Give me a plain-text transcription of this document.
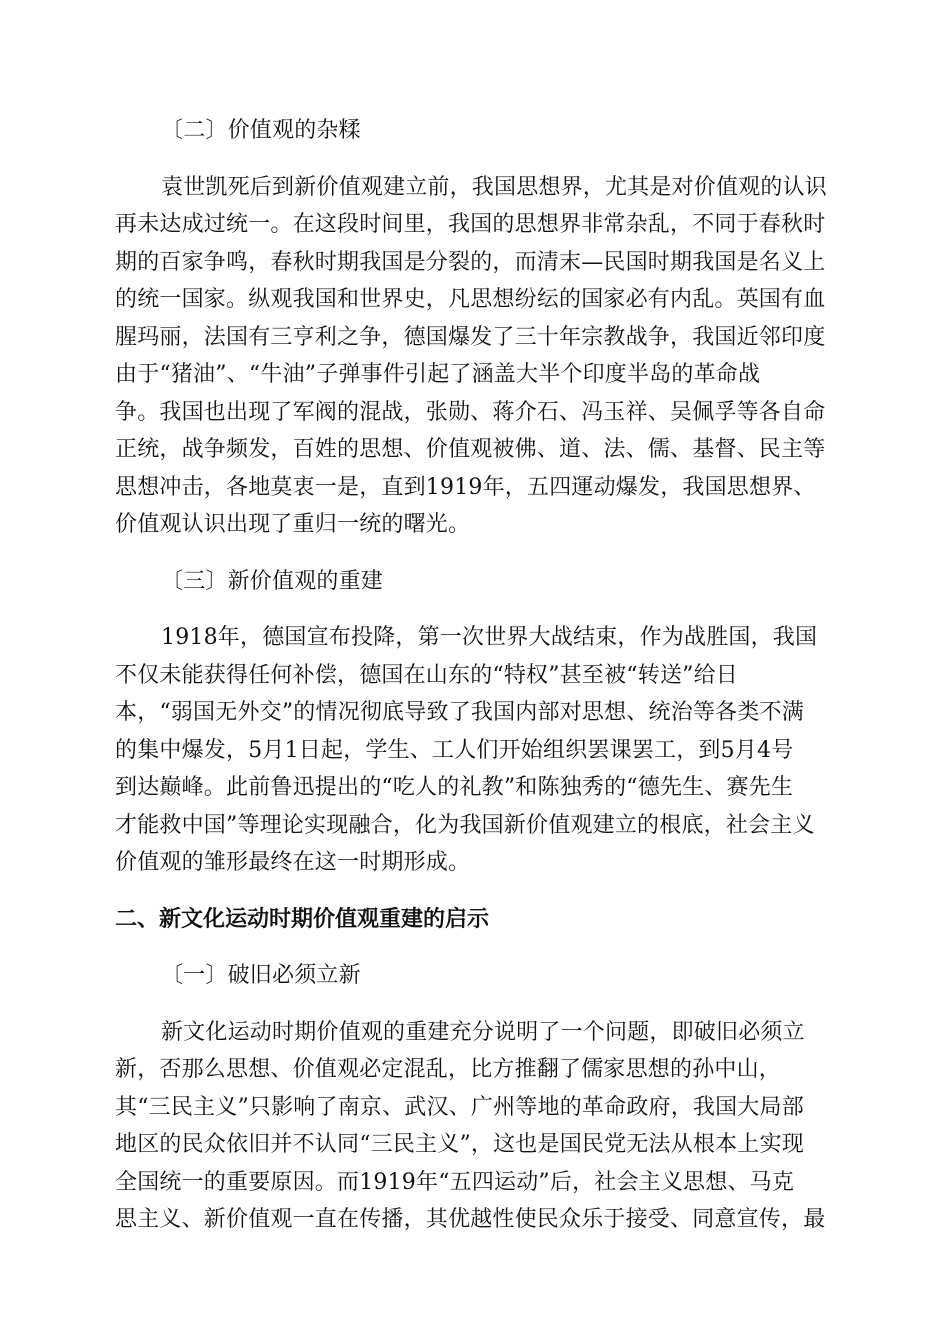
〔二〕价值观的杂糅
袁世凯死后到新价值观建立前，我国思想界，尤其是对价值观的认识
再未达成过统一。在这段时间里，我国的思想界非常杂乱，不同于春秋时
期的百家争鸣，春秋时期我国是分裂的，而清末—民国时期我国是名义上
的统一国家。纵观我国和世界史，凡思想纷纭的国家必有内乱。英国有血
腥玛丽，法国有三亨利之争，德国爆发了三十年宗教战争，我国近邻印度
由于“猪油”、“牛油”子弹事件引起了涵盖大半个印度半岛的革命战
争。我国也出现了军阀的混战，张勋、蒋介石、冯玉祥、吴佩孚等各自命
正统，战争频发，百姓的思想、价值观被佛、道、法、儒、基督、民主等
思想冲击，各地莫衷一是，直到1919年，五四運动爆发，我国思想界、
价值观认识出现了重归一统的曙光。
〔三〕新价值观的重建
1918年，德国宣布投降，第一次世界大战结束，作为战胜国，我国
不仅未能获得任何补偿，德国在山东的“特权”甚至被“转送”给日
本，“弱国无外交”的情况彻底导致了我国内部对思想、统治等各类不满
的集中爆发，5月1日起，学生、工人们开始组织罢课罢工，到5月4号
到达巅峰。此前鲁迅提出的“吃人的礼教”和陈独秀的“德先生、赛先生
才能救中国”等理论实现融合，化为我国新价值观建立的根底，社会主义
价值观的雏形最终在这一时期形成。
二、新文化运动时期价值观重建的启示
〔一〕破旧必须立新
新文化运动时期价值观的重建充分说明了一个问题，即破旧必须立
新，否那么思想、价值观必定混乱，比方推翻了儒家思想的孙中山，
其“三民主义”只影响了南京、武汉、广州等地的革命政府，我国大局部
地区的民众依旧并不认同“三民主义”，这也是国民党无法从根本上实现
全国统一的重要原因。而1919年“五四运动”后，社会主义思想、马克
思主义、新价值观一直在传播，其优越性使民众乐于接受、同意宣传，最
